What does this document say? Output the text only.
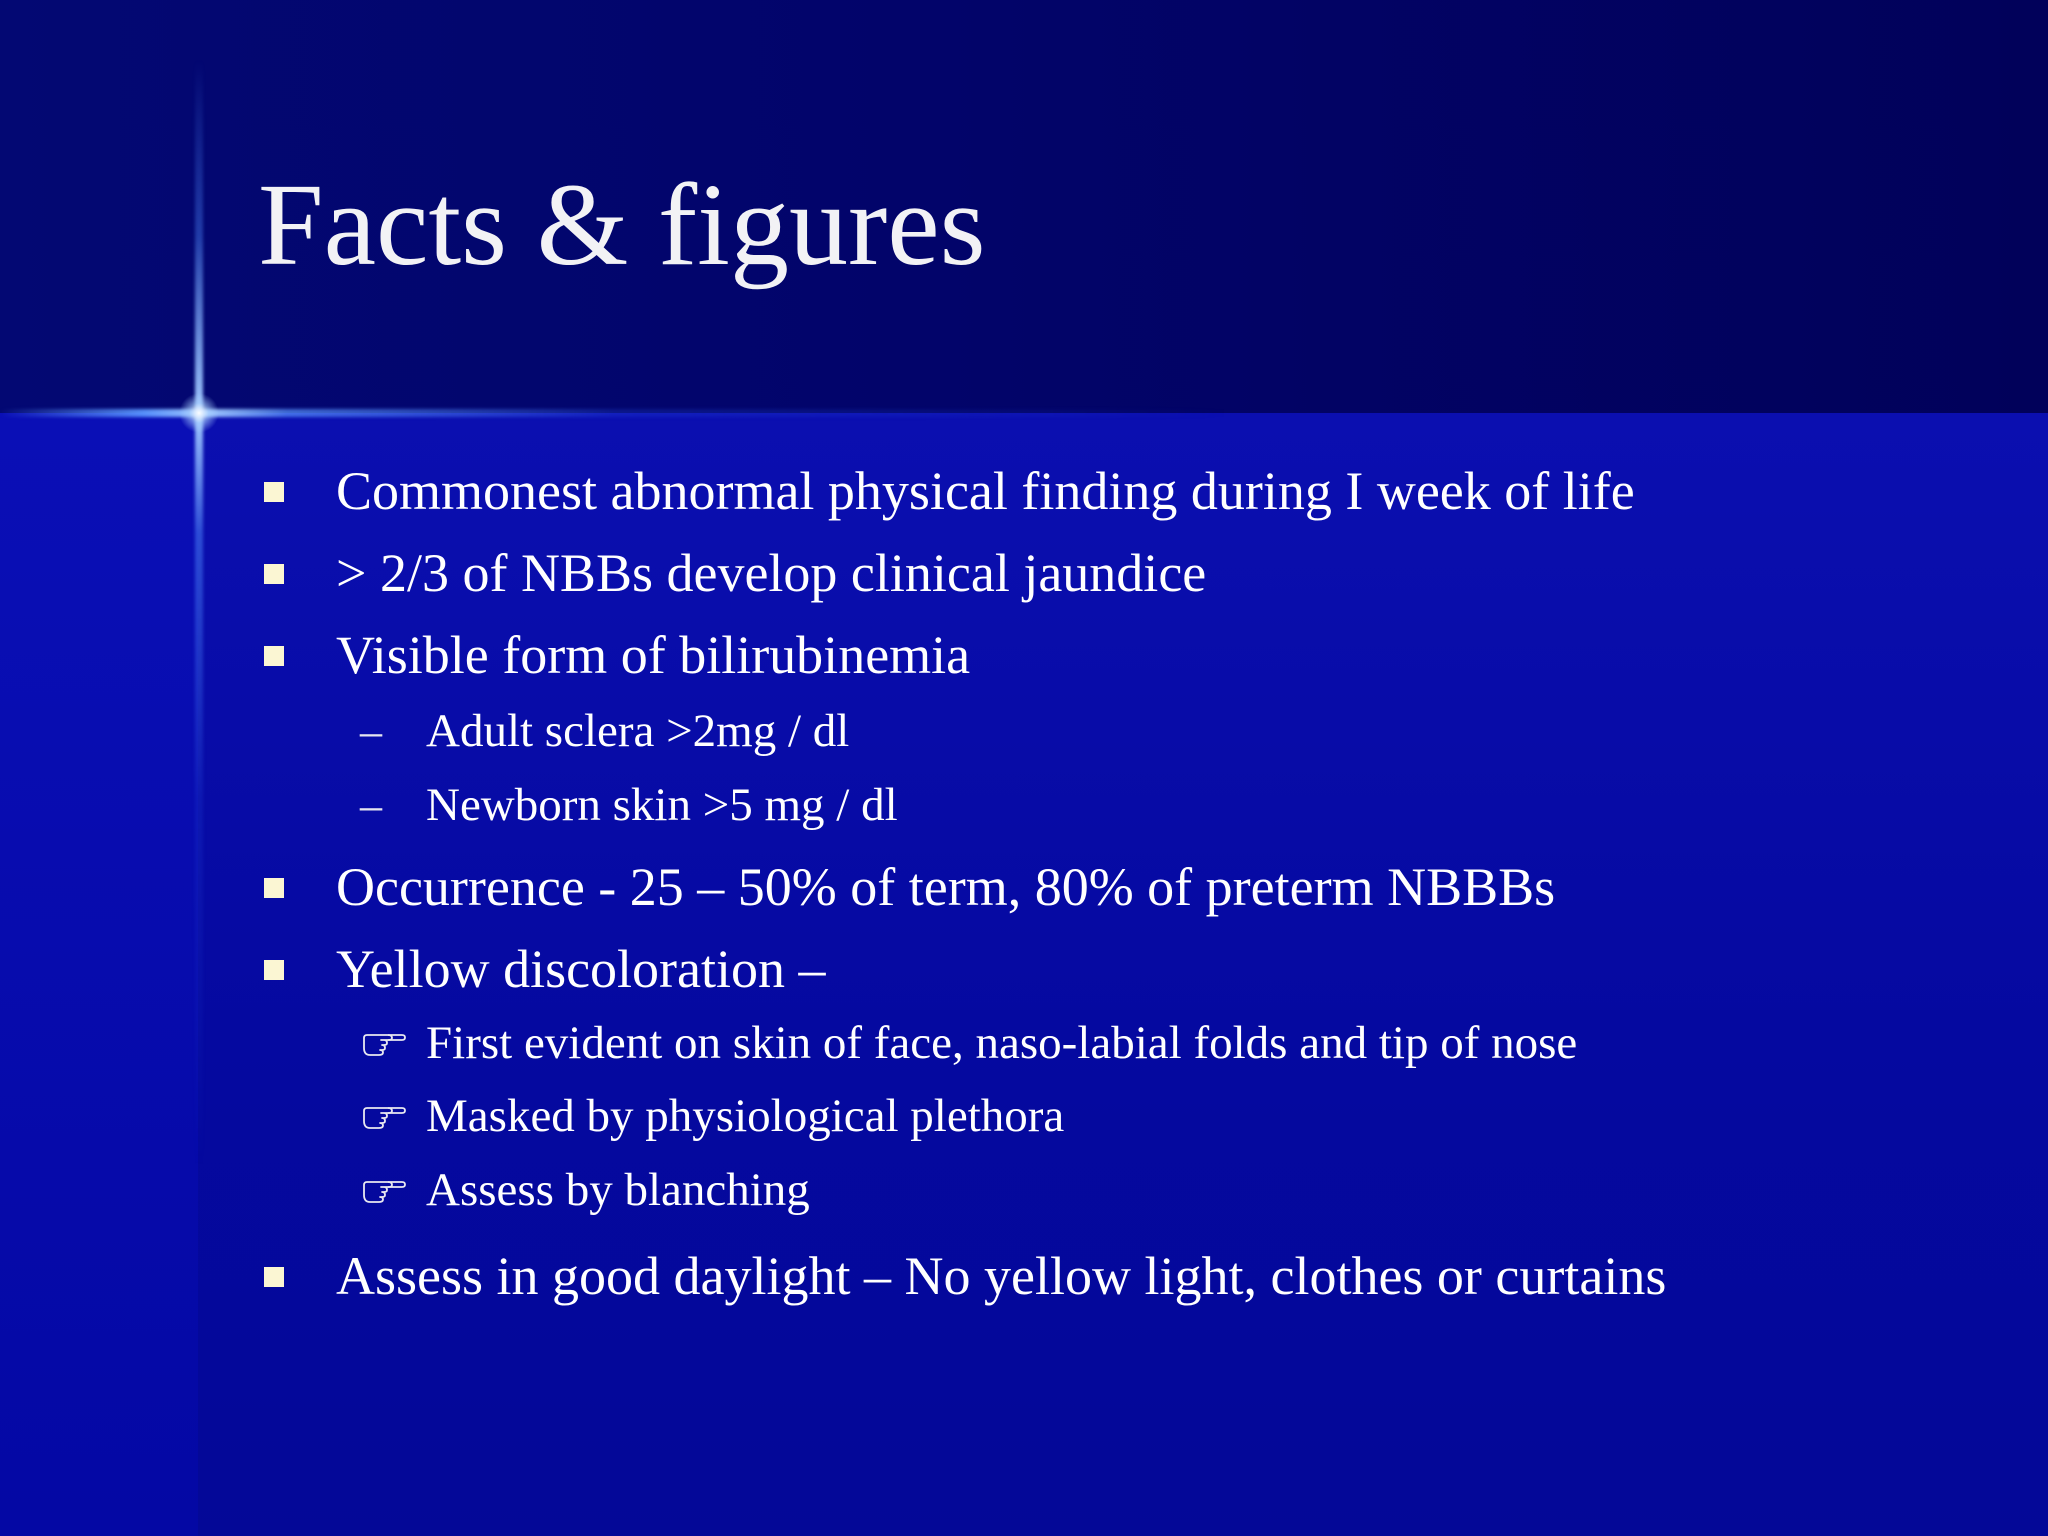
Facts & figures
Commonest abnormal physical finding during I week of life
> 2/3 of NBBs develop clinical jaundice
Visible form of bilirubinemia
– Adult sclera >2mg / dl
– Newborn skin >5 mg / dl
Occurrence - 25 – 50% of term, 80% of preterm NBBBs
Yellow discoloration –
First evident on skin of face, naso-labial folds and tip of nose
Masked by physiological plethora
Assess by blanching
Assess in good daylight – No yellow light, clothes or curtains
